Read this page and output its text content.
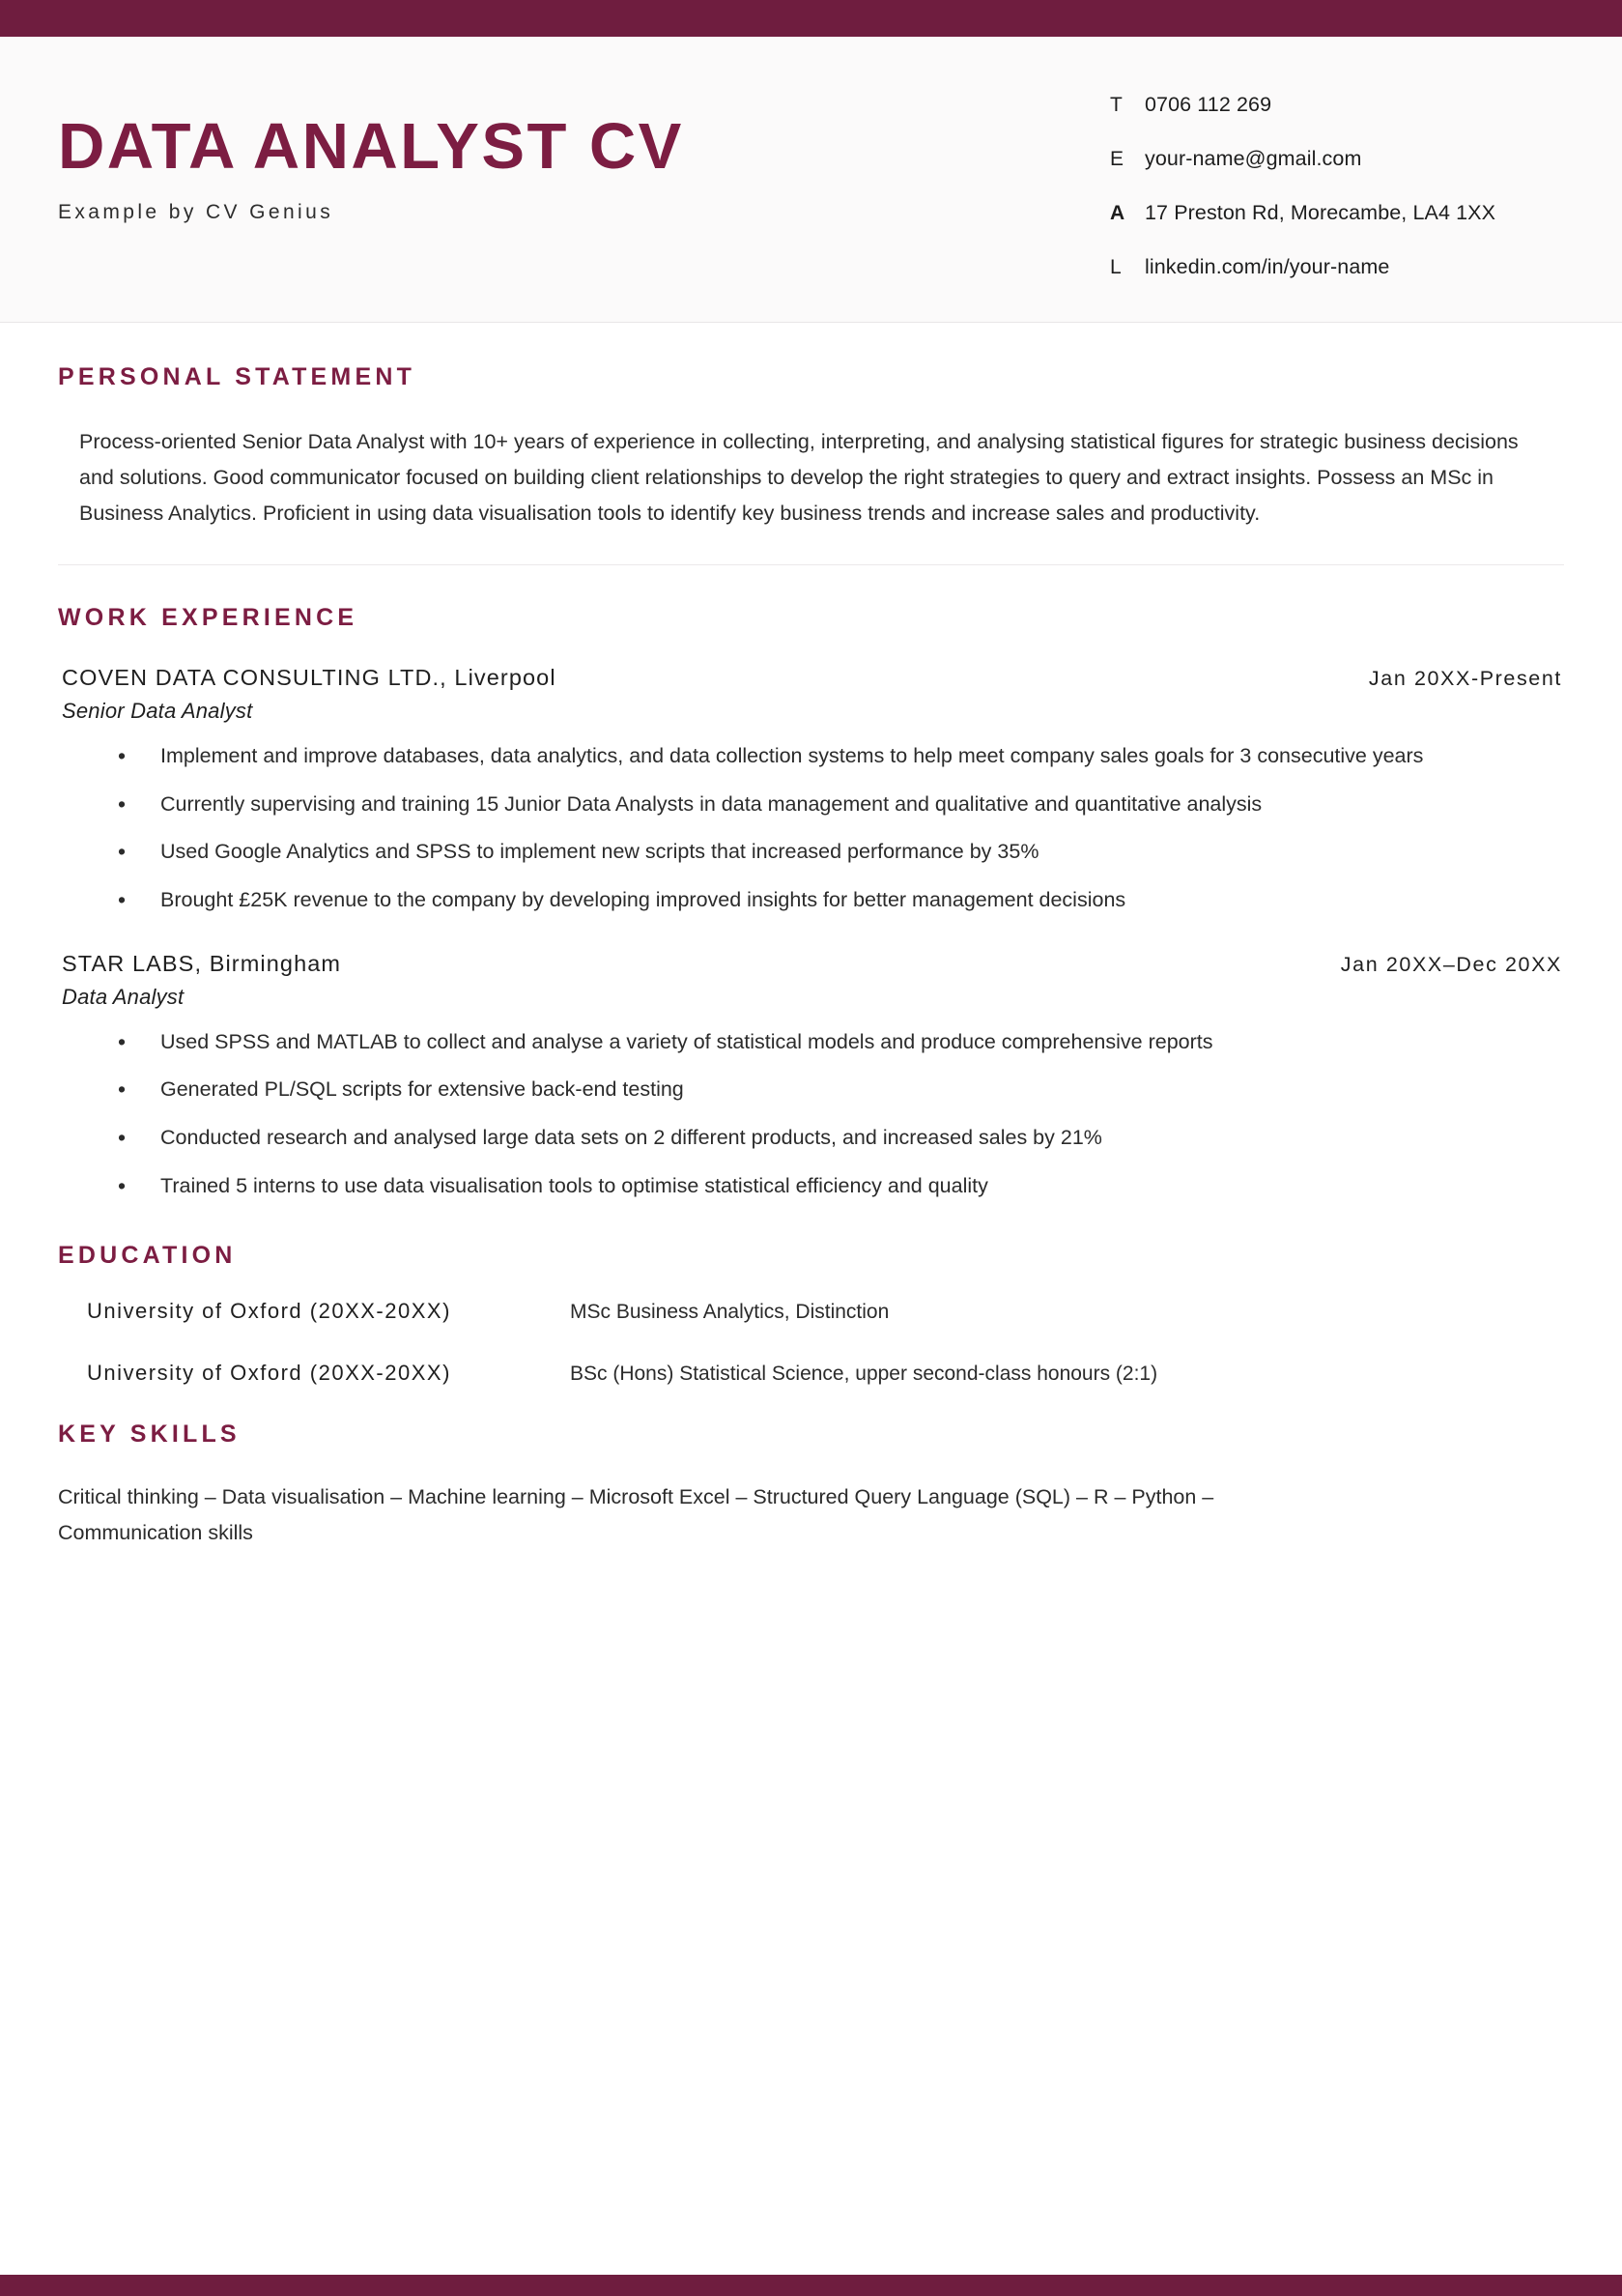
DATA ANALYST CV
Example by CV Genius
T	0706 112 269
E	your-name@gmail.com
A 17 Preston Rd, Morecambe, LA4 1XX
L	linkedin.com/in/your-name
PERSONAL STATEMENT

Process-oriented Senior Data Analyst with 10+ years of experience in collecting, interpreting, and analysing statistical figures for strategic business decisions and solutions. Good communicator focused on building client relationships to develop the right strategies to query and extract insights. Possess an MSc in Business Analytics. Proficient in using data visualisation tools to identify key business trends and increase sales and productivity.

WORK EXPERIENCE
COVEN DATA CONSULTING LTD., Liverpool	Jan 20XX-Present
Senior Data Analyst
• Implement and improve databases, data analytics, and data collection systems to help meet company sales goals for 3 consecutive years
• Currently supervising and training 15 Junior Data Analysts in data management and qualitative and quantitative analysis
• Used Google Analytics and SPSS to implement new scripts that increased performance by 35%
• Brought £25K revenue to the company by developing improved insights for better management decisions
STAR LABS, Birmingham	Jan 20XX–Dec 20XX
Data Analyst
• Used SPSS and MATLAB to collect and analyse a variety of statistical models and produce comprehensive reports
• Generated PL/SQL scripts for extensive back-end testing
• Conducted research and analysed large data sets on 2 different products, and increased sales by 21%
• Trained 5 interns to use data visualisation tools to optimise statistical efficiency and quality
EDUCATION
University of Oxford (20XX-20XX)	MSc Business Analytics, Distinction
University of Oxford (20XX-20XX)	BSc (Hons) Statistical Science, upper second-class honours (2:1)
KEY SKILLS

Critical thinking – Data visualisation – Machine learning – Microsoft Excel – Structured Query Language (SQL) – R – Python – Communication skills
